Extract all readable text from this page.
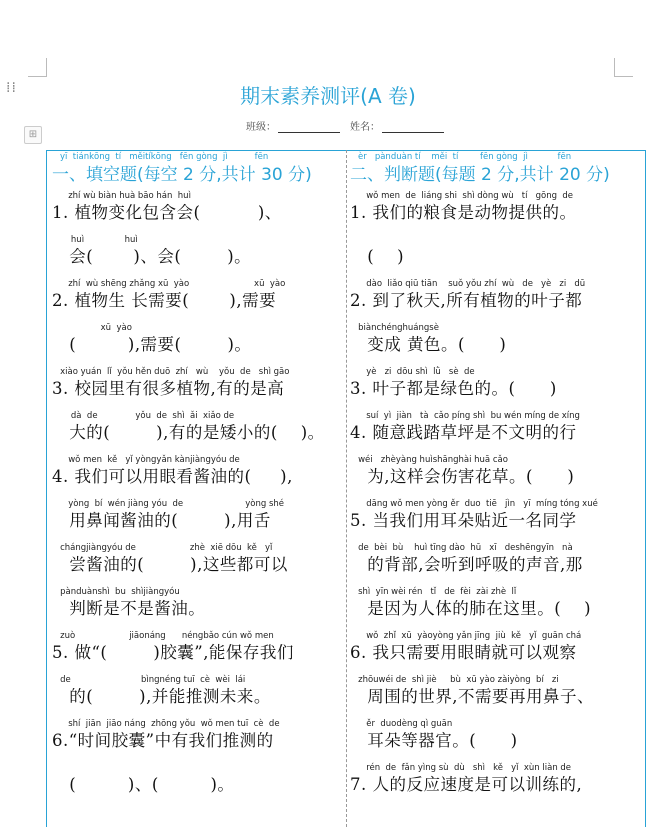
⁞⁞
⊞
期末素养测评(A 卷)
班级：	姓名：
yī  tiánkōng  tí   měitíkōng   fēn gòng  jì          fēn
一、填空题(每空 2 分,共计 30 分)
zhí wù biàn huà bāo hán  huì
1. 植物变化包含会(          )、
huì               huì
会(       )、会(        )。
zhí  wù shēng zhǎng xū  yào                        xū  yào
2. 植物生 长需要(       ),需要
xū  yào
(         ),需要(        )。
xiào yuán  lǐ  yǒu hěn duō  zhí   wù    yǒu  de   shì gāo
3. 校园里有很多植物,有的是高
dà  de              yǒu  de  shì  ǎi  xiǎo de
大的(        ),有的是矮小的(    )。
wǒ men  kě   yǐ yòngyǎn kànjiàngyóu de
4. 我们可以用眼看酱油的(     ),
yòng  bí  wén jiàng yóu  de                       yòng shé
用鼻闻酱油的(        ),用舌
chángjiàngyóu de                    zhè  xiē dōu  kě   yǐ
尝酱油的(        ),这些都可以
pànduànshì  bu  shìjiàngyóu
判断是不是酱油。
zuò                    jiāonáng      néngbǎo cún wǒ men
5. 做“(        )胶囊”,能保存我们
de                          bìngnéng tuī  cè  wèi  lái
的(        ),并能推测未来。
shí  jiān  jiāo náng  zhōng yǒu  wǒ men tuī  cè  de
6.“时间胶囊”中有我们推测的
(         )、(         )。
èr   pànduàn tí    měi  tí        fēn gòng  jì           fēn
二、判断题(每题 2 分,共计 20 分)
wǒ men  de  liáng shi  shì dòng wù   tí   gōng  de
1. 我们的粮食是动物提供的。
(    )
dào  liǎo qiū tiān    suǒ yǒu zhí  wù   de   yè   zi   dū
2. 到了秋天,所有植物的叶子都
biànchénghuángsè
变成 黄色。(      )
yè   zi  dōu shì  lǜ   sè  de
3. 叶子都是绿色的。(      )
suí  yì  jiàn   tà  cǎo píng shì  bu wén míng de xíng
4. 随意践踏草坪是不文明的行
wéi   zhèyàng huìshānghài huā cǎo
为,这样会伤害花草。(      )
dāng wǒ men yòng ěr  duo  tiē   jìn   yī  míng tóng xué
5. 当我们用耳朵贴近一名同学
de  bèi  bù    huì tīng dào  hū   xī   deshēngyīn   nà
的背部,会听到呼吸的声音,那
shì  yīn wèi rén   tǐ   de  fèi  zài zhè  lǐ
是因为人体的肺在这里。(    )
wǒ  zhǐ  xū  yàoyòng yǎn jīng  jiù  kě   yǐ  guān chá
6. 我只需要用眼睛就可以观察
zhōuwéi de  shì jiè     bù  xū yào zàiyòng  bí   zi
周围的世界,不需要再用鼻子、
ěr  duodèng qì guān
耳朵等器官。(      )
rén  de  fǎn yìng sù  dù   shì   kě   yǐ  xùn liàn de
7. 人的反应速度是可以训练的,
